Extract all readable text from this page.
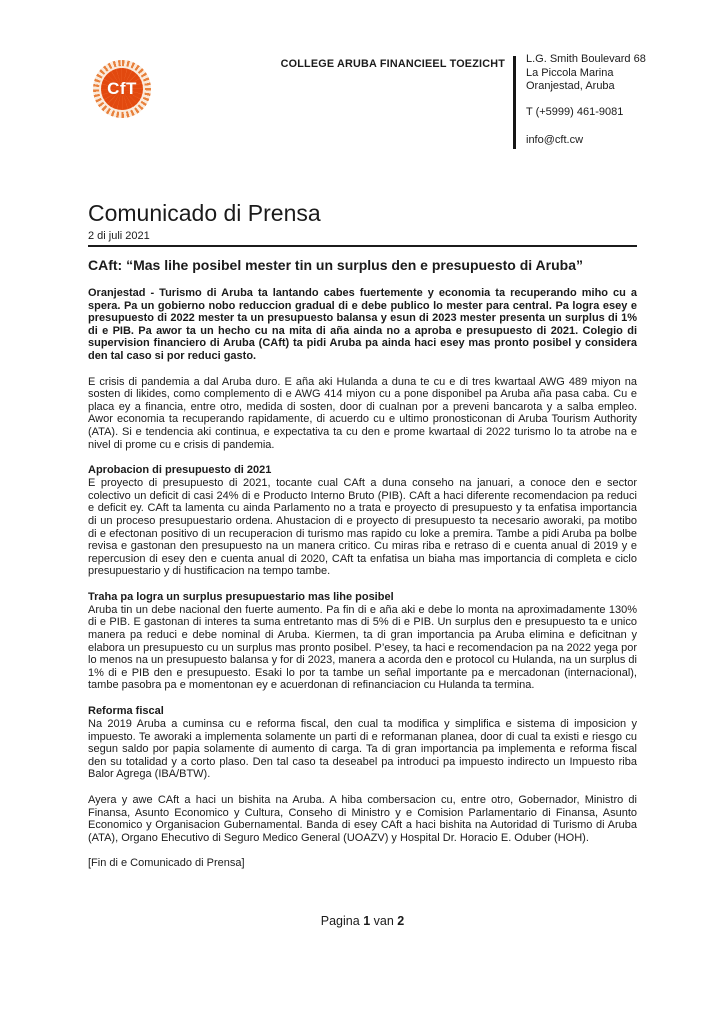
CfT
COLLEGE ARUBA FINANCIEEL TOEZICHT L.G. Smith Boulevard 68
La Piccola Marina
Oranjestad, Aruba
T (+5999) 461-9081
info@cft.cw
Comunicado di Prensa
2 di juli 2021
CAft: “Mas lihe posibel mester tin un surplus den e presupuesto di Aruba”

Oranjestad - Turismo di Aruba ta lantando cabes fuertemente y economia ta recuperando miho cu a spera. Pa un gobierno nobo reduccion gradual di e debe publico lo mester para central. Pa logra esey e presupuesto di 2022 mester ta un presupuesto balansa y esun di 2023 mester presenta un surplus di 1% di e PIB. Pa awor ta un hecho cu na mita di aña ainda no a aproba e presupuesto di 2021. Colegio di supervision financiero di Aruba (CAft) ta pidi Aruba pa ainda haci esey mas pronto posibel y considera den tal caso si por reduci gasto.

E crisis di pandemia a dal Aruba duro. E aña aki Hulanda a duna te cu e di tres kwartaal AWG 489 miyon na sosten di likides, como complemento di e AWG 414 miyon cu a pone disponibel pa Aruba aña pasa caba. Cu e placa ey a financia, entre otro, medida di sosten, door di cualnan por a preveni bancarota y a salba empleo. Awor economia ta recuperando rapidamente, di acuerdo cu e ultimo pronosticonan di Aruba Tourism Authority (ATA). Si e tendencia aki continua, e expectativa ta cu den e prome kwartaal di 2022 turismo lo ta atrobe na e nivel di prome cu e crisis di pandemia.

Aprobacion di presupuesto di 2021

E proyecto di presupuesto di 2021, tocante cual CAft a duna conseho na januari, a conoce den e sector colectivo un deficit di casi 24% di e Producto Interno Bruto (PIB). CAft a haci diferente recomendacion pa reduci e deficit ey. CAft ta lamenta cu ainda Parlamento no a trata e proyecto di presupuesto y ta enfatisa importancia di un proceso presupuestario ordena. Ahustacion di e proyecto di presupuesto ta necesario aworaki, pa motibo di e efectonan positivo di un recuperacion di turismo mas rapido cu loke a premira. Tambe a pidi Aruba pa bolbe revisa e gastonan den presupuesto na un manera critico. Cu miras riba e retraso di e cuenta anual di 2019 y e repercusion di esey den e cuenta anual di 2020, CAft ta enfatisa un biaha mas importancia di completa e ciclo presupuestario y di hustificacion na tempo tambe.

Traha pa logra un surplus presupuestario mas lihe posibel

Aruba tin un debe nacional den fuerte aumento. Pa fin di e aña aki e debe lo monta na aproximadamente 130% di e PIB. E gastonan di interes ta suma entretanto mas di 5% di e PIB. Un surplus den e presupuesto ta e unico manera pa reduci e debe nominal di Aruba. Kiermen, ta di gran importancia pa Aruba elimina e deficitnan y elabora un presupuesto cu un surplus mas pronto posibel. P’esey, ta haci e recomendacion pa na 2022 yega por lo menos na un presupuesto balansa y for di 2023, manera a acorda den e protocol cu Hulanda, na un surplus di 1% di e PIB den e presupuesto. Esaki lo por ta tambe un señal importante pa e mercadonan (internacional), tambe pasobra pa e momentonan ey e acuerdonan di refinanciacion cu Hulanda ta termina.

Reforma fiscal

Na 2019 Aruba a cuminsa cu e reforma fiscal, den cual ta modifica y simplifica e sistema di imposicion y impuesto. Te aworaki a implementa solamente un parti di e reformanan planea, door di cual ta existi e riesgo cu segun saldo por papia solamente di aumento di carga. Ta di gran importancia pa implementa e reforma fiscal den su totalidad y a corto plaso. Den tal caso ta deseabel pa introduci pa impuesto indirecto un Impuesto riba Balor Agrega (IBA/BTW).

Ayera y awe CAft a haci un bishita na Aruba. A hiba combersacion cu, entre otro, Gobernador, Ministro di Finansa, Asunto Economico y Cultura, Conseho di Ministro y e Comision Parlamentario di Finansa, Asunto Economico y Organisacion Gubernamental. Banda di esey CAft a haci bishita na Autoridad di Turismo di Aruba (ATA), Organo Ehecutivo di Seguro Medico General (UOAZV) y Hospital Dr. Horacio E. Oduber (HOH).

[Fin di e Comunicado di Prensa]

Pagina 1 van 2
